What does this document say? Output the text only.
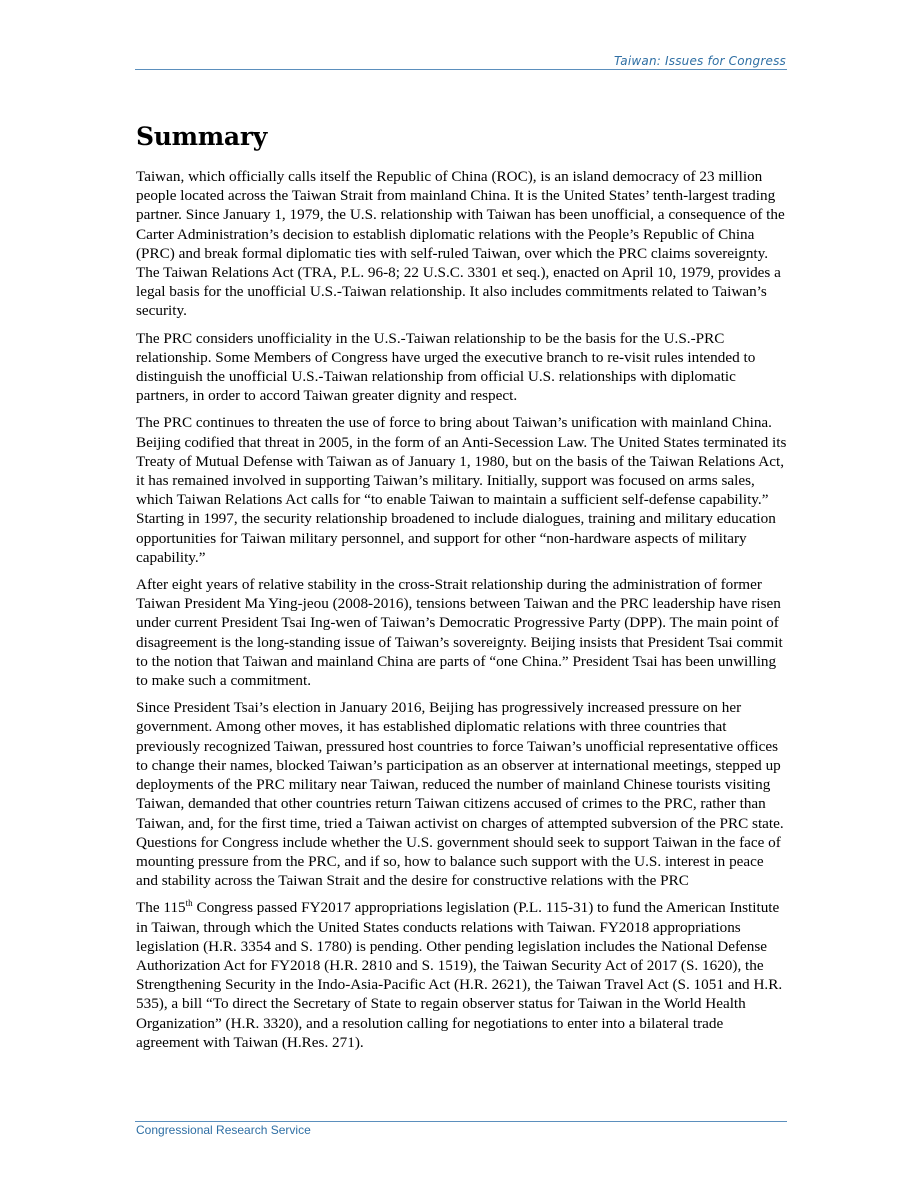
Taiwan: Issues for Congress
Summary

Taiwan, which officially calls itself the Republic of China (ROC), is an island democracy of 23 million people located across the Taiwan Strait from mainland China. It is the United States’ tenth-largest trading partner. Since January 1, 1979, the U.S. relationship with Taiwan has been unofficial, a consequence of the Carter Administration’s decision to establish diplomatic relations with the People’s Republic of China (PRC) and break formal diplomatic ties with self-ruled Taiwan, over which the PRC claims sovereignty. The Taiwan Relations Act (TRA, P.L. 96-8; 22 U.S.C. 3301 et seq.), enacted on April 10, 1979, provides a legal basis for the unofficial U.S.-Taiwan relationship. It also includes commitments related to Taiwan’s security.

The PRC considers unofficiality in the U.S.-Taiwan relationship to be the basis for the U.S.-PRC relationship. Some Members of Congress have urged the executive branch to re-visit rules intended to distinguish the unofficial U.S.-Taiwan relationship from official U.S. relationships with diplomatic partners, in order to accord Taiwan greater dignity and respect.

The PRC continues to threaten the use of force to bring about Taiwan’s unification with mainland China. Beijing codified that threat in 2005, in the form of an Anti-Secession Law. The United States terminated its Treaty of Mutual Defense with Taiwan as of January 1, 1980, but on the basis of the Taiwan Relations Act, it has remained involved in supporting Taiwan’s military. Initially, support was focused on arms sales, which Taiwan Relations Act calls for “to enable Taiwan to maintain a sufficient self-defense capability.” Starting in 1997, the security relationship broadened to include dialogues, training and military education opportunities for Taiwan military personnel, and support for other “non-hardware aspects of military capability.”

After eight years of relative stability in the cross-Strait relationship during the administration of former Taiwan President Ma Ying-jeou (2008-2016), tensions between Taiwan and the PRC leadership have risen under current President Tsai Ing-wen of Taiwan’s Democratic Progressive Party (DPP). The main point of disagreement is the long-standing issue of Taiwan’s sovereignty. Beijing insists that President Tsai commit to the notion that Taiwan and mainland China are parts of “one China.” President Tsai has been unwilling to make such a commitment.

Since President Tsai’s election in January 2016, Beijing has progressively increased pressure on her government. Among other moves, it has established diplomatic relations with three countries that previously recognized Taiwan, pressured host countries to force Taiwan’s unofficial representative offices to change their names, blocked Taiwan’s participation as an observer at international meetings, stepped up deployments of the PRC military near Taiwan, reduced the number of mainland Chinese tourists visiting Taiwan, demanded that other countries return Taiwan citizens accused of crimes to the PRC, rather than Taiwan, and, for the first time, tried a Taiwan activist on charges of attempted subversion of the PRC state. Questions for Congress include whether the U.S. government should seek to support Taiwan in the face of mounting pressure from the PRC, and if so, how to balance such support with the U.S. interest in peace and stability across the Taiwan Strait and the desire for constructive relations with the PRC

The 115th Congress passed FY2017 appropriations legislation (P.L. 115-31) to fund the American Institute in Taiwan, through which the United States conducts relations with Taiwan. FY2018 appropriations legislation (H.R. 3354 and S. 1780) is pending. Other pending legislation includes the National Defense Authorization Act for FY2018 (H.R. 2810 and S. 1519), the Taiwan Security Act of 2017 (S. 1620), the Strengthening Security in the Indo-Asia-Pacific Act (H.R. 2621), the Taiwan Travel Act (S. 1051 and H.R. 535), a bill “To direct the Secretary of State to regain observer status for Taiwan in the World Health Organization” (H.R. 3320), and a resolution calling for negotiations to enter into a bilateral trade agreement with Taiwan (H.Res. 271).

Congressional Research Service
